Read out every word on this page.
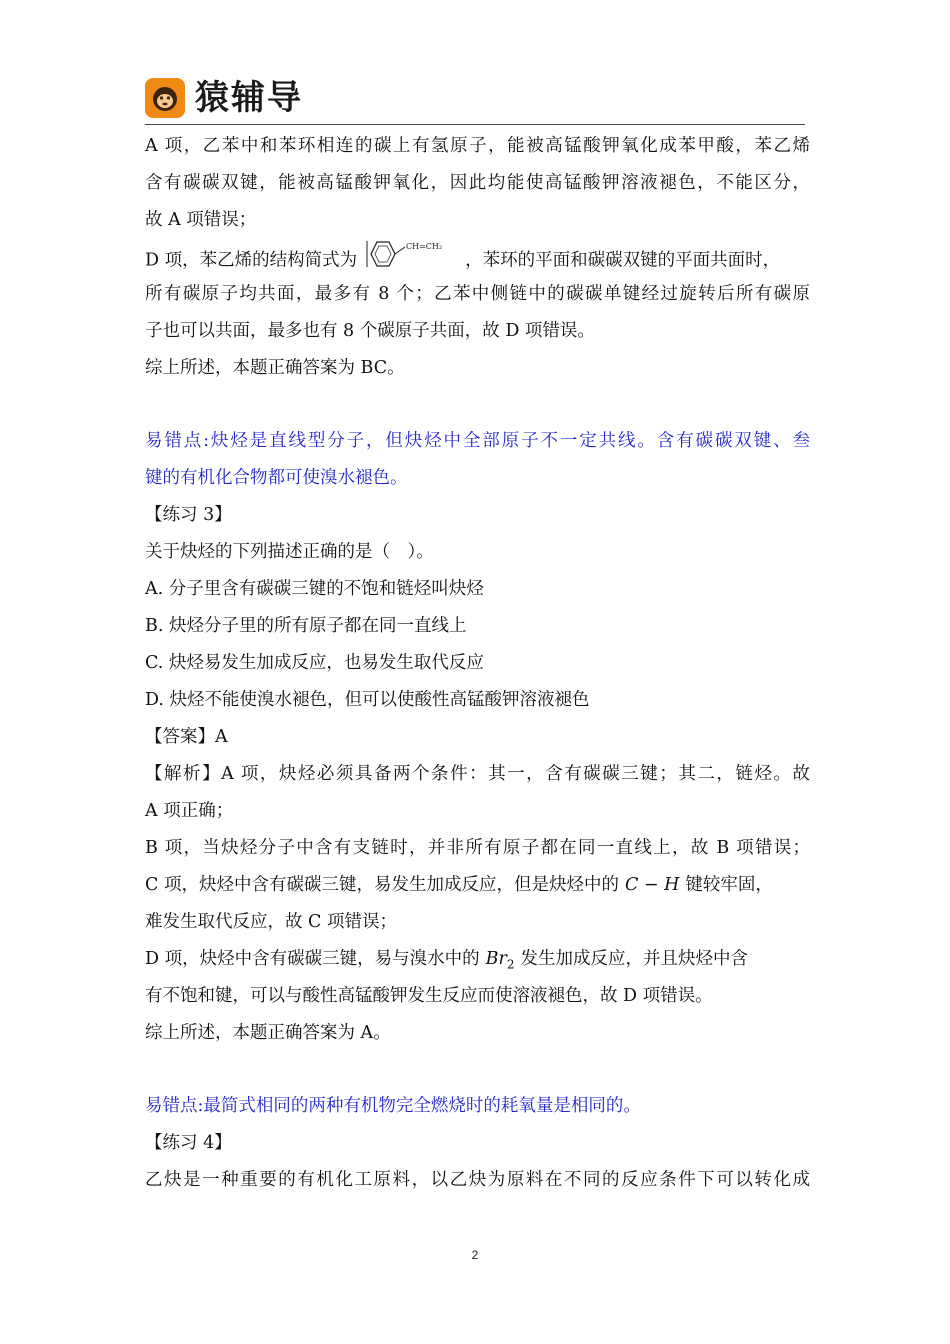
猿辅导
A 项，乙苯中和苯环相连的碳上有氢原子，能被高锰酸钾氧化成苯甲酸，苯乙烯
含有碳碳双键，能被高锰酸钾氧化，因此均能使高锰酸钾溶液褪色，不能区分，
故 A 项错误；
D 项，苯乙烯的结构简式为
CH=CH₂
，苯环的平面和碳碳双键的平面共面时，
所有碳原子均共面，最多有 8 个；乙苯中侧链中的碳碳单键经过旋转后所有碳原
子也可以共面，最多也有 8 个碳原子共面，故 D 项错误。
综上所述，本题正确答案为 BC。
易错点:炔烃是直线型分子，但炔烃中全部原子不一定共线。含有碳碳双键、叁
键的有机化合物都可使溴水褪色。
【练习 3】
关于炔烃的下列描述正确的是（　）。
A. 分子里含有碳碳三键的不饱和链烃叫炔烃
B. 炔烃分子里的所有原子都在同一直线上
C. 炔烃易发生加成反应，也易发生取代反应
D. 炔烃不能使溴水褪色，但可以使酸性高锰酸钾溶液褪色
【答案】A
【解析】A 项，炔烃必须具备两个条件：其一，含有碳碳三键；其二，链烃。故
A 项正确；
B 项，当炔烃分子中含有支链时，并非所有原子都在同一直线上，故 B 项错误；
C 项，炔烃中含有碳碳三键，易发生加成反应，但是炔烃中的 C − H 键较牢固，
难发生取代反应，故 C 项错误；
D 项，炔烃中含有碳碳三键，易与溴水中的 $Br_2$ 发生加成反应，并且炔烃中含
有不饱和键，可以与酸性高锰酸钾发生反应而使溶液褪色，故 D 项错误。
综上所述，本题正确答案为 A。
易错点:最简式相同的两种有机物完全燃烧时的耗氧量是相同的。
【练习 4】
乙炔是一种重要的有机化工原料，以乙炔为原料在不同的反应条件下可以转化成
2
